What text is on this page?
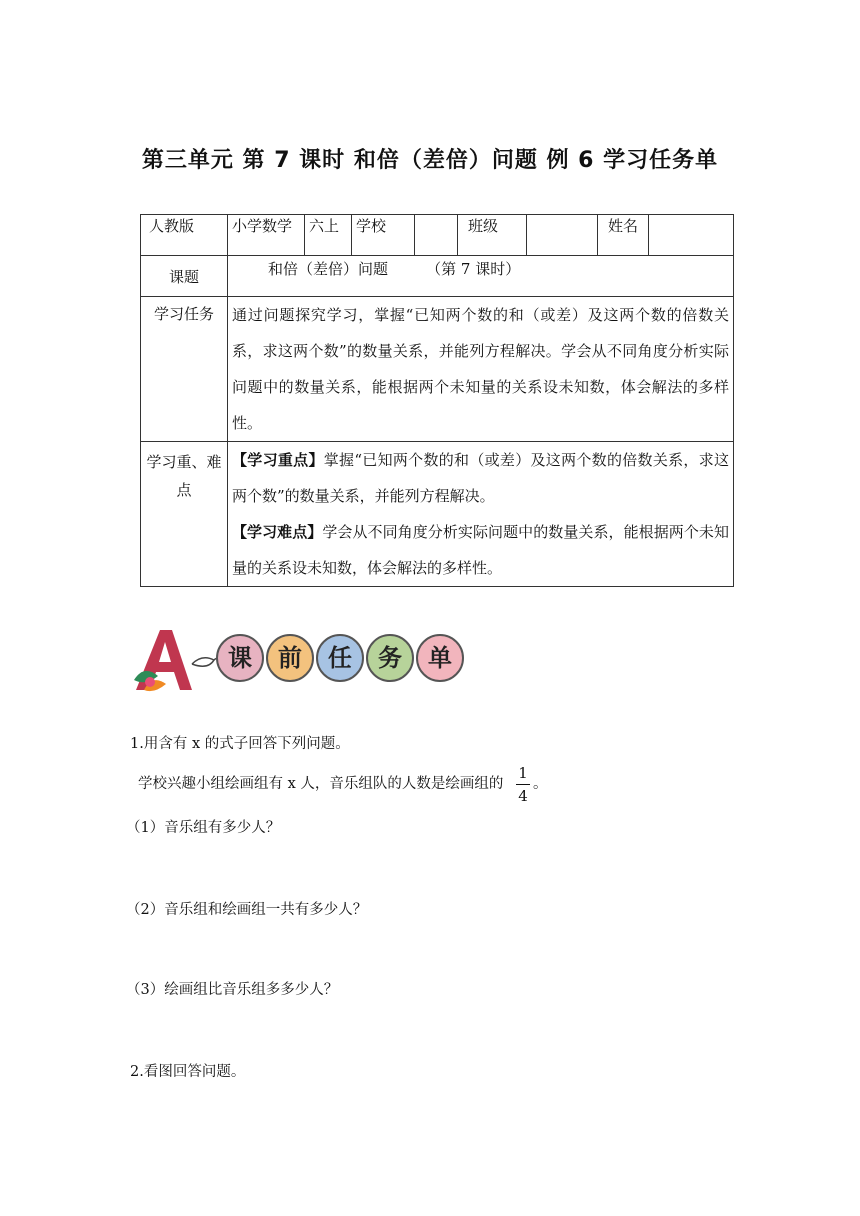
第三单元 第 7 课时 和倍（差倍）问题 例 6 学习任务单
人教版	小学数学	六上	学校		班级		姓名	
课题	和倍（差倍）问题        （第 7 课时）							
学习任务	通过问题探究学习，掌握“已知两个数的和（或差）及这两个数的倍数关系，求这两个数”的数量关系，并能列方程解决。学会从不同角度分析实际问题中的数量关系，能根据两个未知量的关系设未知数，体会解法的多样性。							
学习重、难点	【学习重点】掌握“已知两个数的和（或差）及这两个数的倍数关系，求这两个数”的数量关系，并能列方程解决。
【学习难点】学会从不同角度分析实际问题中的数量关系，能根据两个未知量的关系设未知数，体会解法的多样性。							
课	前	任	务	单
1.用含有 x 的式子回答下列问题。
学校兴趣小组绘画组有 x 人，音乐组队的人数是绘画组的
1
4
。
（1）音乐组有多少人？
（2）音乐组和绘画组一共有多少人？
（3）绘画组比音乐组多多少人？
2.看图回答问题。
